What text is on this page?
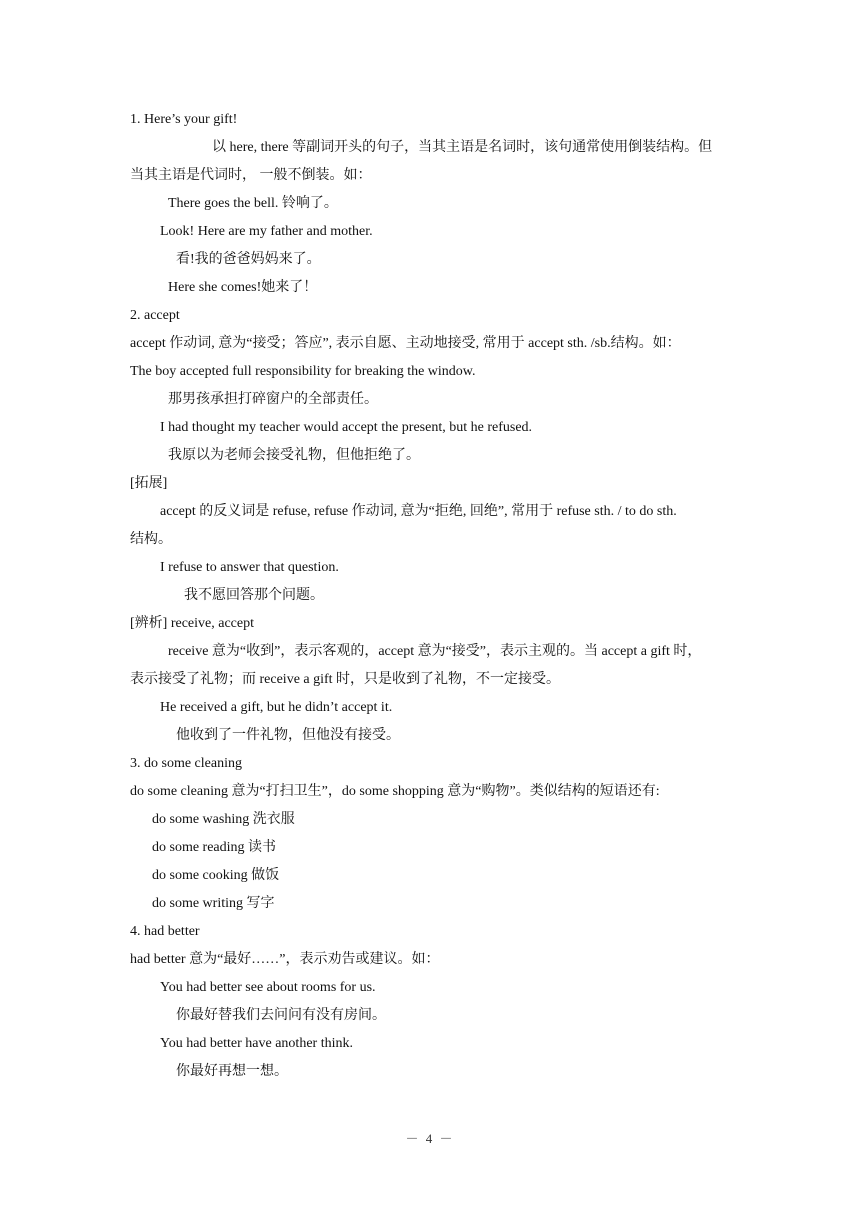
1. Here’s your gift!
以 here, there 等副词开头的句子，当其主语是名词时，该句通常使用倒装结构。但
当其主语是代词时， 一般不倒装。如：
There goes the bell. 铃响了。
Look! Here are my father and mother.
看!我的爸爸妈妈来了。
Here she comes!她来了！
2. accept
accept 作动词, 意为“接受；答应”, 表示自愿、主动地接受, 常用于 accept sth. /sb.结构。如：
The boy accepted full responsibility for breaking the window.
那男孩承担打碎窗户的全部责任。
I had thought my teacher would accept the present, but he refused.
我原以为老师会接受礼物，但他拒绝了。
[拓展]
accept 的反义词是 refuse, refuse 作动词, 意为“拒绝, 回绝”, 常用于 refuse sth. / to do sth.
结构。
I refuse to answer that question.
我不愿回答那个问题。
[辨析] receive, accept
receive 意为“收到”，表示客观的，accept 意为“接受”，表示主观的。当 accept a gift 时，
表示接受了礼物；而 receive a gift 时，只是收到了礼物，不一定接受。
He received a gift, but he didn’t accept it.
他收到了一件礼物，但他没有接受。
3. do some cleaning
do some cleaning 意为“打扫卫生”，do some shopping 意为“购物”。类似结构的短语还有:
do some washing 洗衣服
do some reading 读书
do some cooking 做饭
do some writing 写字
4. had better
had better 意为“最好……”，表示劝告或建议。如：
You had better see about rooms for us.
你最好替我们去问问有没有房间。
You had better have another think.
你最好再想一想。
－ 4 －
